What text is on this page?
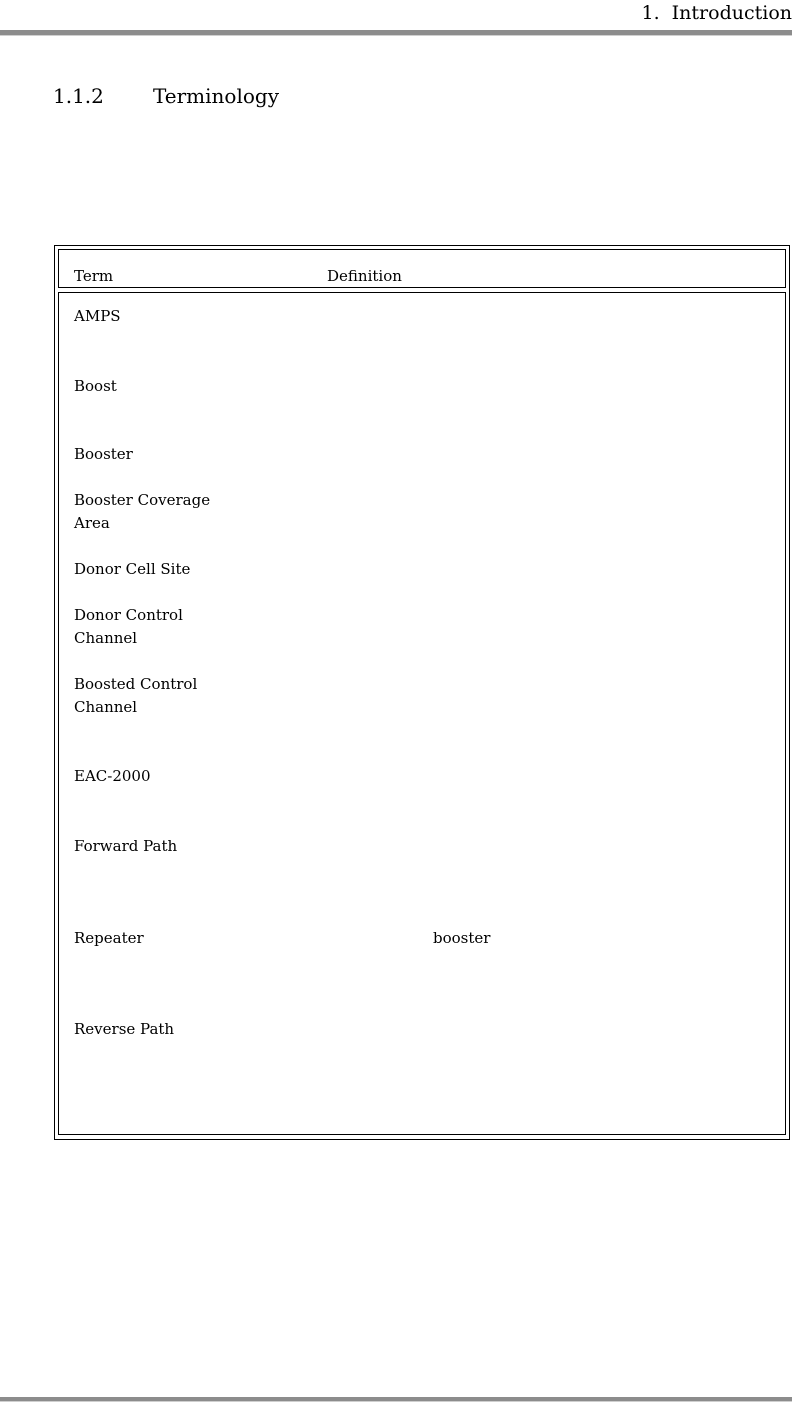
1. Introduction
1.1.2 Terminology
Term	Definition
AMPS
Boost
Booster
Booster Coverage
Area
Donor Cell Site
Donor Control
Channel
Boosted Control
Channel
EAC-2000
Forward Path
Repeater	booster
Reverse Path
